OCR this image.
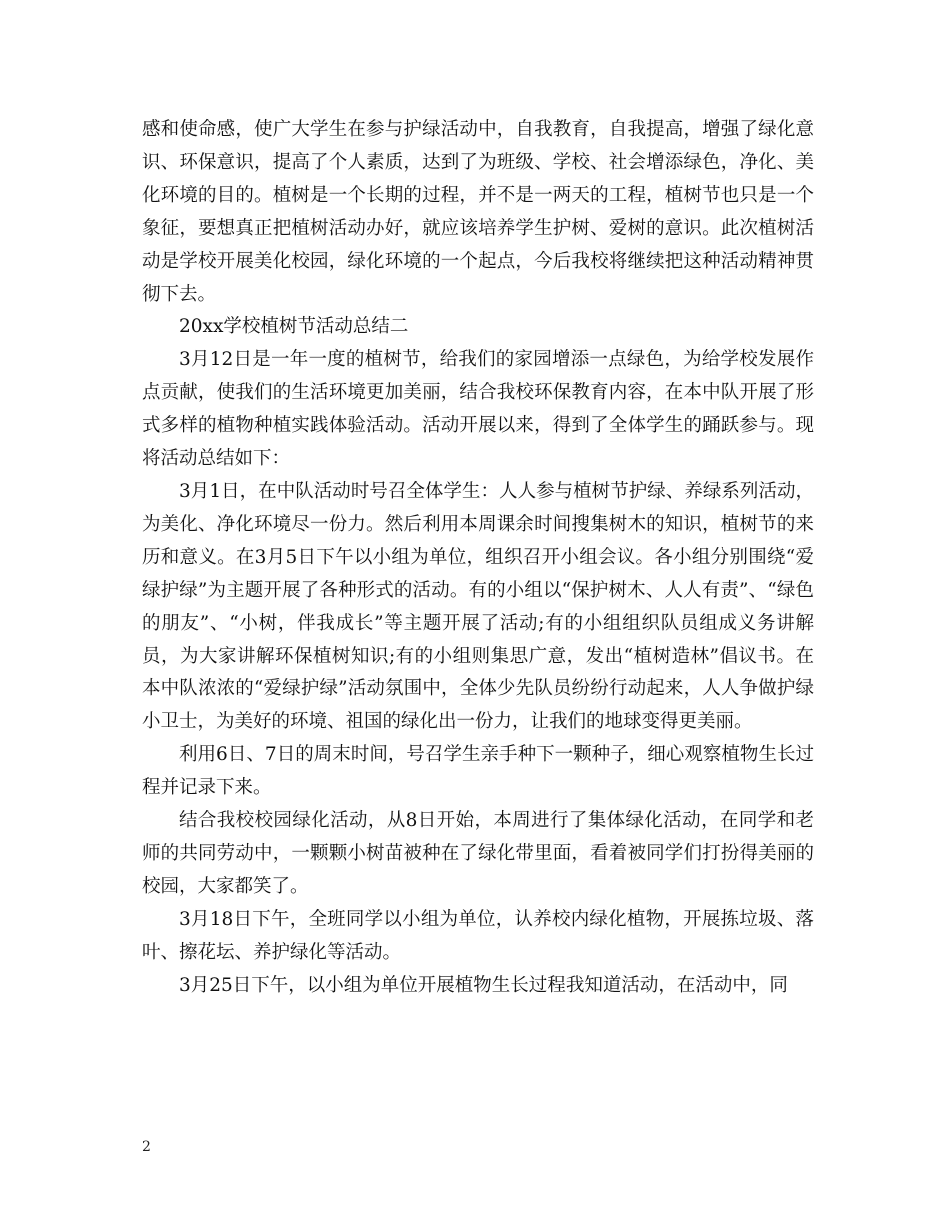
感和使命感，使广大学生在参与护绿活动中，自我教育，自我提高，增强了绿化意识、环保意识，提高了个人素质，达到了为班级、学校、社会增添绿色，净化、美化环境的目的。植树是一个长期的过程，并不是一两天的工程，植树节也只是一个象征，要想真正把植树活动办好，就应该培养学生护树、爱树的意识。此次植树活动是学校开展美化校园，绿化环境的一个起点，今后我校将继续把这种活动精神贯彻下去。

20xx学校植树节活动总结二

3月12日是一年一度的植树节，给我们的家园增添一点绿色，为给学校发展作点贡献，使我们的生活环境更加美丽，结合我校环保教育内容，在本中队开展了形式多样的植物种植实践体验活动。活动开展以来，得到了全体学生的踊跃参与。现将活动总结如下：

3月1日，在中队活动时号召全体学生：人人参与植树节护绿、养绿系列活动，为美化、净化环境尽一份力。然后利用本周课余时间搜集树木的知识，植树节的来历和意义。在3月5日下午以小组为单位，组织召开小组会议。各小组分别围绕“爱绿护绿”为主题开展了各种形式的活动。有的小组以“保护树木、人人有责”、“绿色的朋友”、“小树，伴我成长”等主题开展了活动;有的小组组织队员组成义务讲解员，为大家讲解环保植树知识;有的小组则集思广意，发出“植树造林”倡议书。在本中队浓浓的“爱绿护绿”活动氛围中，全体少先队员纷纷行动起来，人人争做护绿小卫士，为美好的环境、祖国的绿化出一份力，让我们的地球变得更美丽。

利用6日、7日的周末时间，号召学生亲手种下一颗种子，细心观察植物生长过程并记录下来。

结合我校校园绿化活动，从8日开始，本周进行了集体绿化活动，在同学和老师的共同劳动中，一颗颗小树苗被种在了绿化带里面，看着被同学们打扮得美丽的校园，大家都笑了。

3月18日下午，全班同学以小组为单位，认养校内绿化植物，开展拣垃圾、落叶、擦花坛、养护绿化等活动。

3月25日下午，以小组为单位开展植物生长过程我知道活动，在活动中，同

2
